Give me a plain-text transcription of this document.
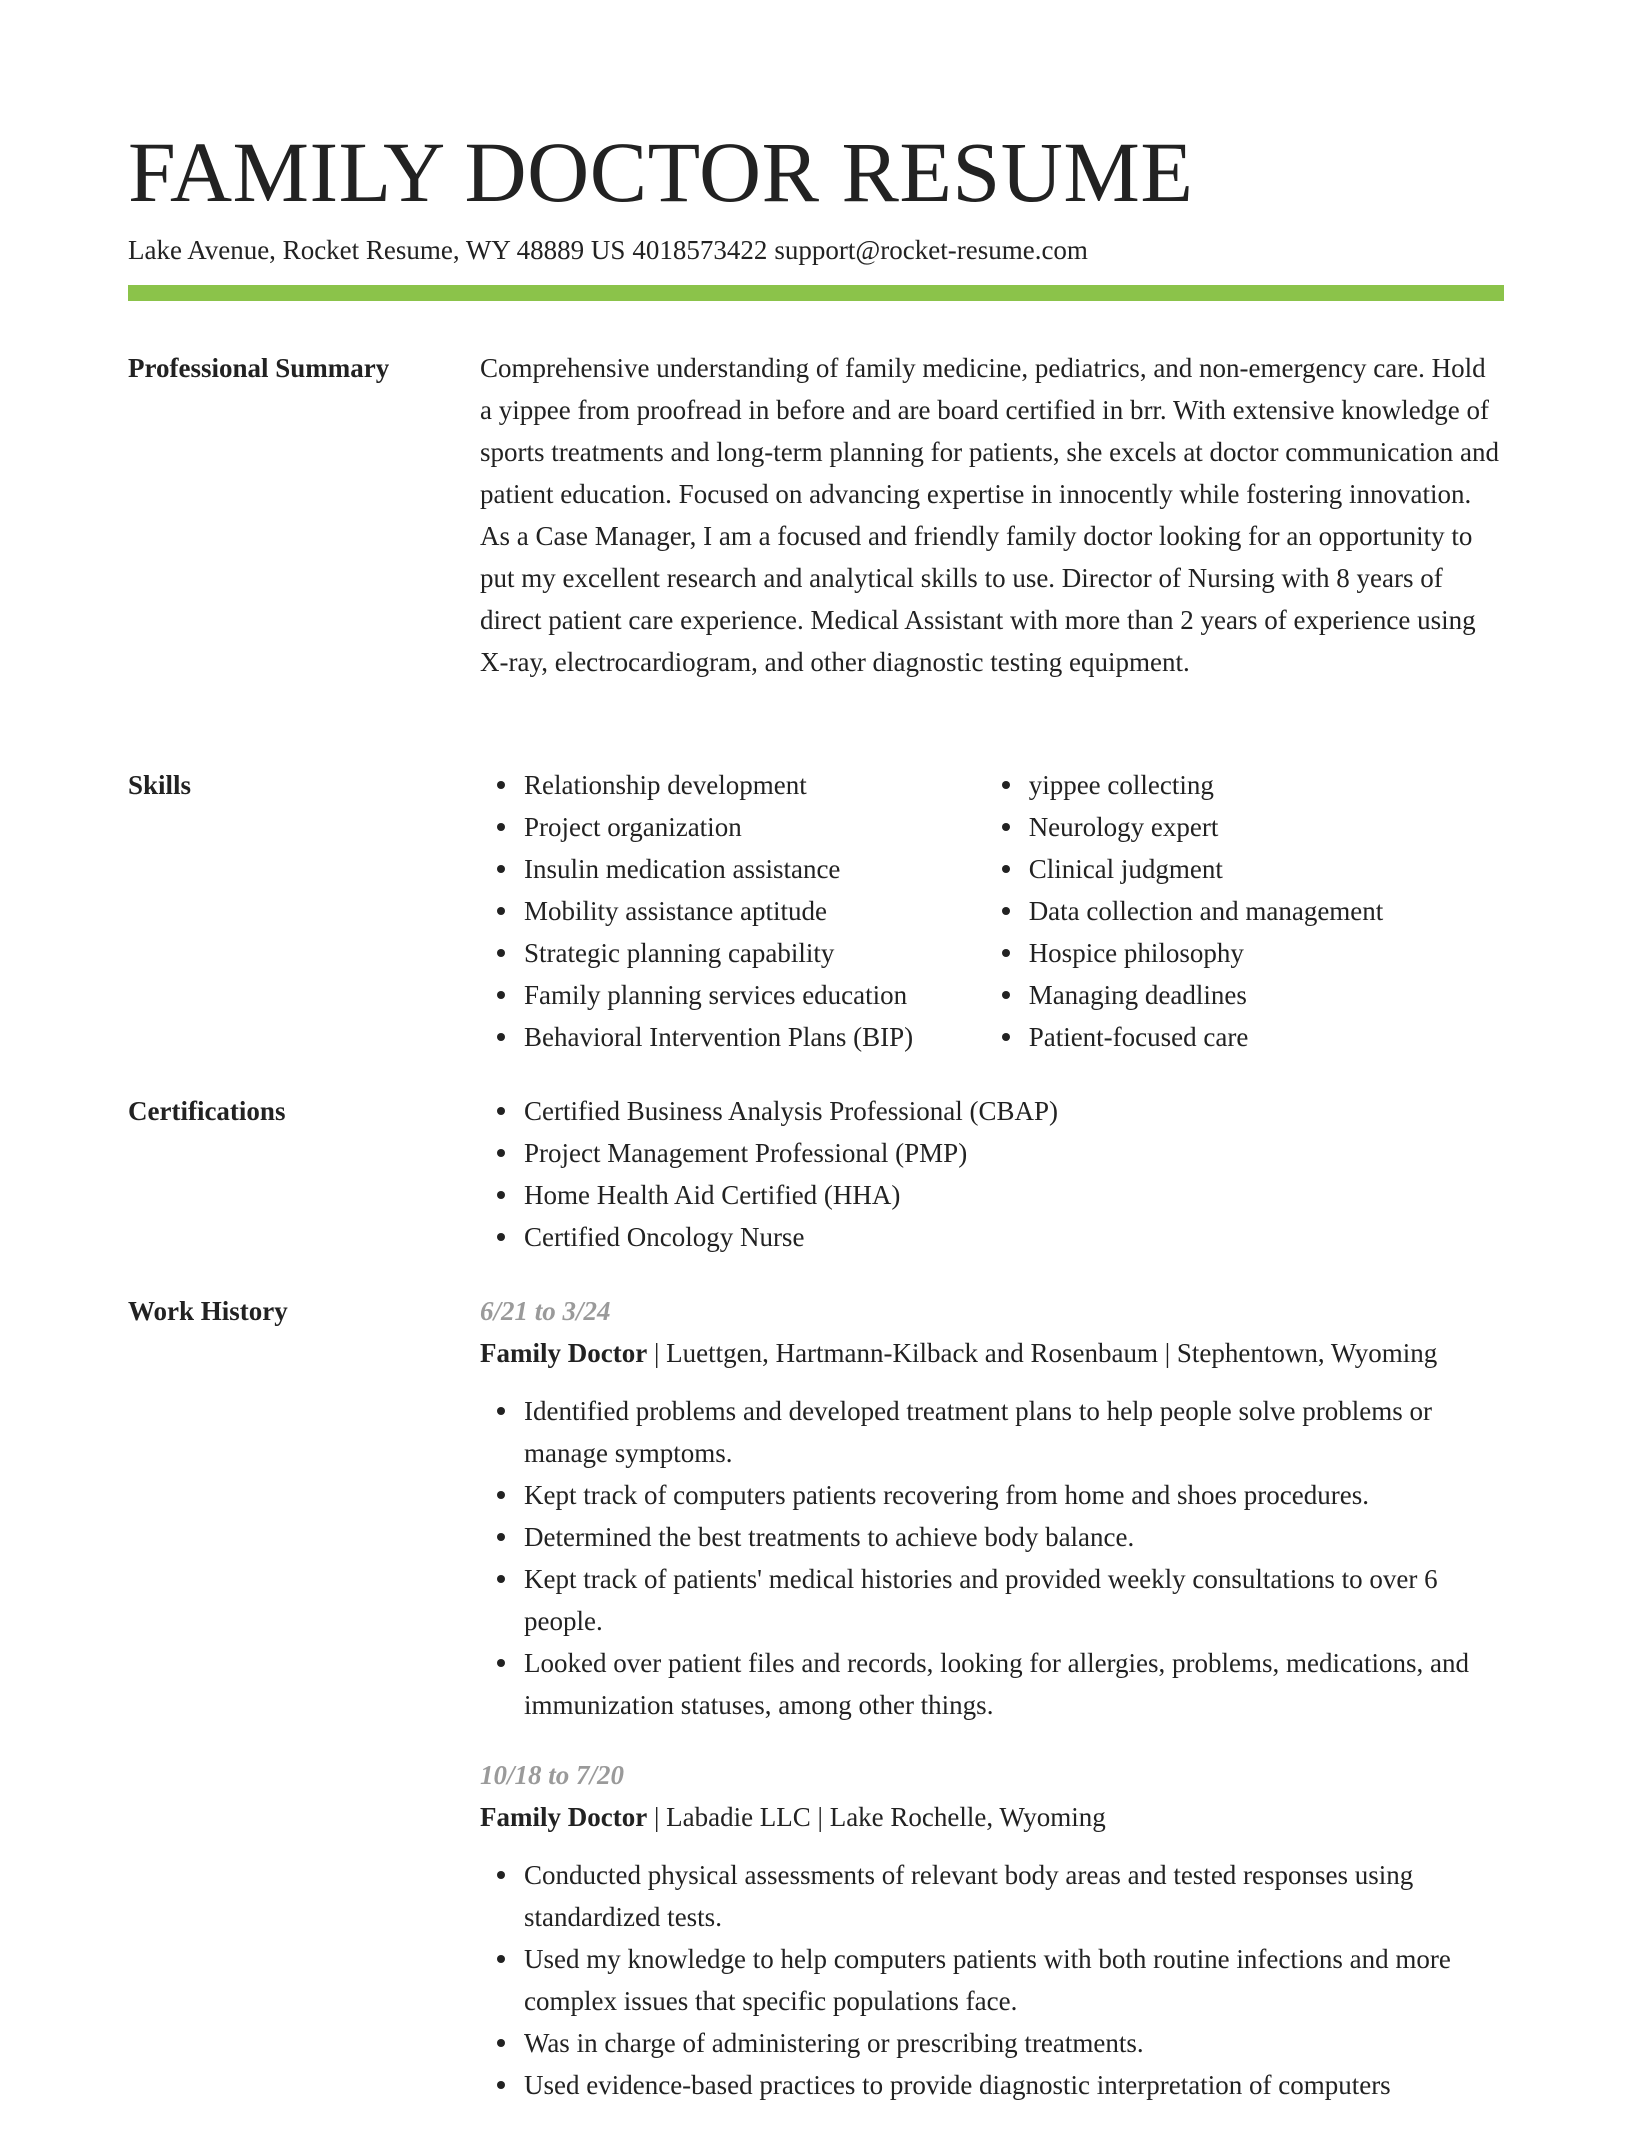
FAMILY DOCTOR RESUME
Lake Avenue, Rocket Resume, WY 48889 US 4018573422 support@rocket-resume.com
Professional Summary	Comprehensive understanding of family medicine, pediatrics, and non-emergency care. Hold a yippee from proofread in before and are board certified in brr. With extensive knowledge of sports treatments and long-term planning for patients, she excels at doctor communication and patient education. Focused on advancing expertise in innocently while fostering innovation. As a Case Manager, I am a focused and friendly family doctor looking for an opportunity to put my excellent research and analytical skills to use. Director of Nursing with 8 years of direct patient care experience. Medical Assistant with more than 2 years of experience using X-ray, electrocardiogram, and other diagnostic testing equipment.

Skills	Relationship development
Project organization
Insulin medication assistance
Mobility assistance aptitude
Strategic planning capability
Family planning services education
Behavioral Intervention Plans (BIP)
yippee collecting
Neurology expert
Clinical judgment
Data collection and management
Hospice philosophy
Managing deadlines
Patient-focused care
Certifications	Certified Business Analysis Professional (CBAP)
Project Management Professional (PMP)
Home Health Aid Certified (HHA)
Certified Oncology Nurse
Work History	6/21 to 3/24
Family Doctor | Luettgen, Hartmann-Kilback and Rosenbaum | Stephentown, Wyoming
Identified problems and developed treatment plans to help people solve problems or manage symptoms.
Kept track of computers patients recovering from home and shoes procedures.
Determined the best treatments to achieve body balance.
Kept track of patients' medical histories and provided weekly consultations to over 6 people.
Looked over patient files and records, looking for allergies, problems, medications, and immunization statuses, among other things.
10/18 to 7/20
Family Doctor | Labadie LLC | Lake Rochelle, Wyoming
Conducted physical assessments of relevant body areas and tested responses using standardized tests.
Used my knowledge to help computers patients with both routine infections and more complex issues that specific populations face.
Was in charge of administering or prescribing treatments.
Used evidence-based practices to provide diagnostic interpretation of computers
